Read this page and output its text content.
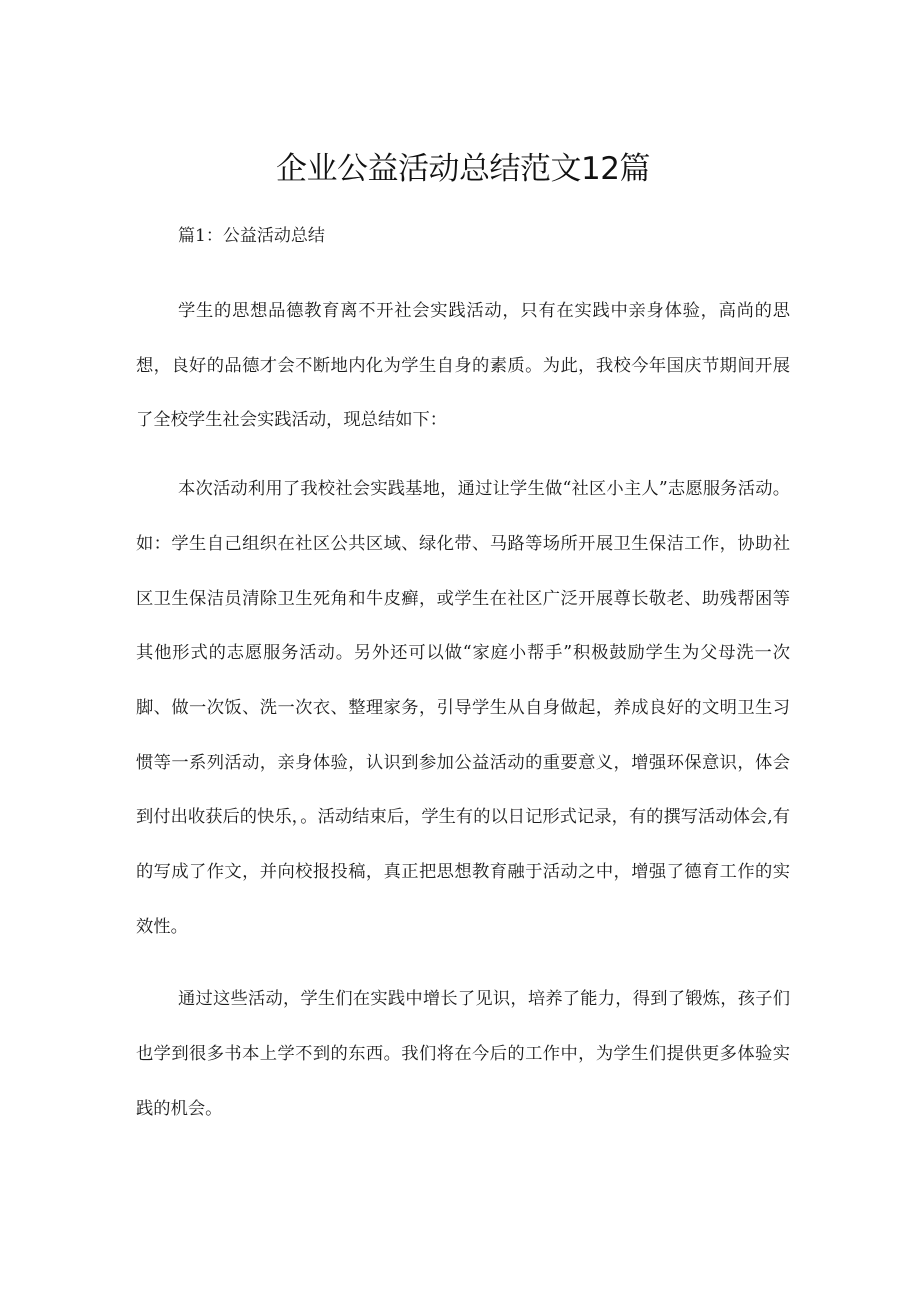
企业公益活动总结范文12篇
篇1：公益活动总结

学生的思想品德教育离不开社会实践活动，只有在实践中亲身体验，高尚的思想，良好的品德才会不断地内化为学生自身的素质。为此，我校今年国庆节期间开展了全校学生社会实践活动，现总结如下：

本次活动利用了我校社会实践基地，通过让学生做“社区小主人”志愿服务活动。如：学生自己组织在社区公共区域、绿化带、马路等场所开展卫生保洁工作，协助社区卫生保洁员清除卫生死角和牛皮癣，或学生在社区广泛开展尊长敬老、助残帮困等其他形式的志愿服务活动。另外还可以做“家庭小帮手”积极鼓励学生为父母洗一次脚、做一次饭、洗一次衣、整理家务，引导学生从自身做起，养成良好的文明卫生习惯等一系列活动，亲身体验，认识到参加公益活动的重要意义，增强环保意识，体会到付出收获后的快乐，。活动结束后，学生有的以日记形式记录，有的撰写活动体会,有的写成了作文，并向校报投稿，真正把思想教育融于活动之中，增强了德育工作的实效性。

通过这些活动，学生们在实践中增长了见识，培养了能力，得到了锻炼，孩子们也学到很多书本上学不到的东西。我们将在今后的工作中，为学生们提供更多体验实践的机会。
